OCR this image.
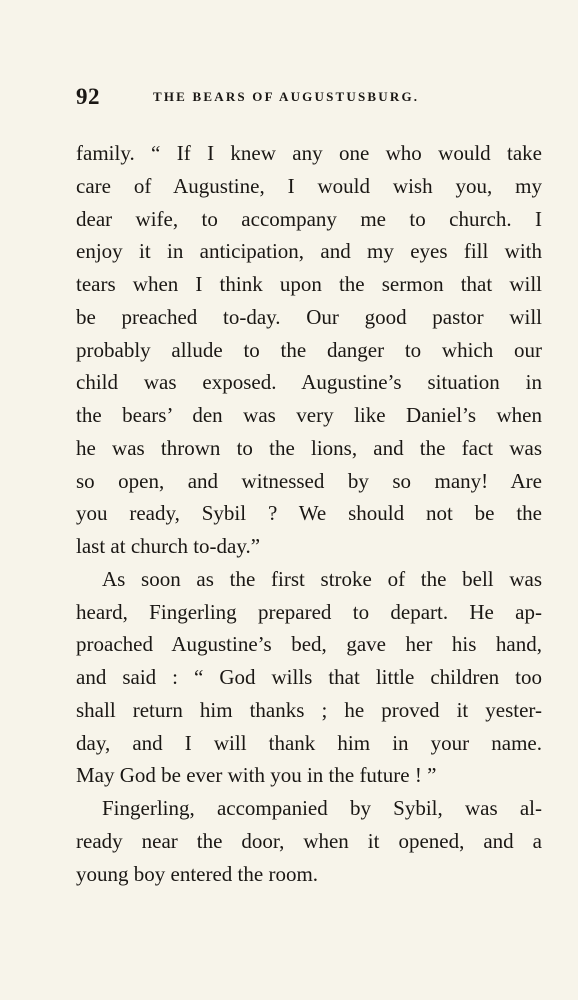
92	THE BEARS OF AUGUSTUSBURG.
family. “ If I knew any one who would take
care of Augustine, I would wish you, my
dear wife, to accompany me to church. I
enjoy it in anticipation, and my eyes fill with
tears when I think upon the sermon that will
be preached to-day. Our good pastor will
probably allude to the danger to which our
child was exposed. Augustine’s situation in
the bears’ den was very like Daniel’s when
he was thrown to the lions, and the fact was
so open, and witnessed by so many! Are
you ready, Sybil ? We should not be the
last at church to-day.”
As soon as the first stroke of the bell was
heard, Fingerling prepared to depart. He ap-
proached Augustine’s bed, gave her his hand,
and said : “ God wills that little children too
shall return him thanks ; he proved it yester-
day, and I will thank him in your name.
May God be ever with you in the future ! ”
Fingerling, accompanied by Sybil, was al-
ready near the door, when it opened, and a
young boy entered the room.
